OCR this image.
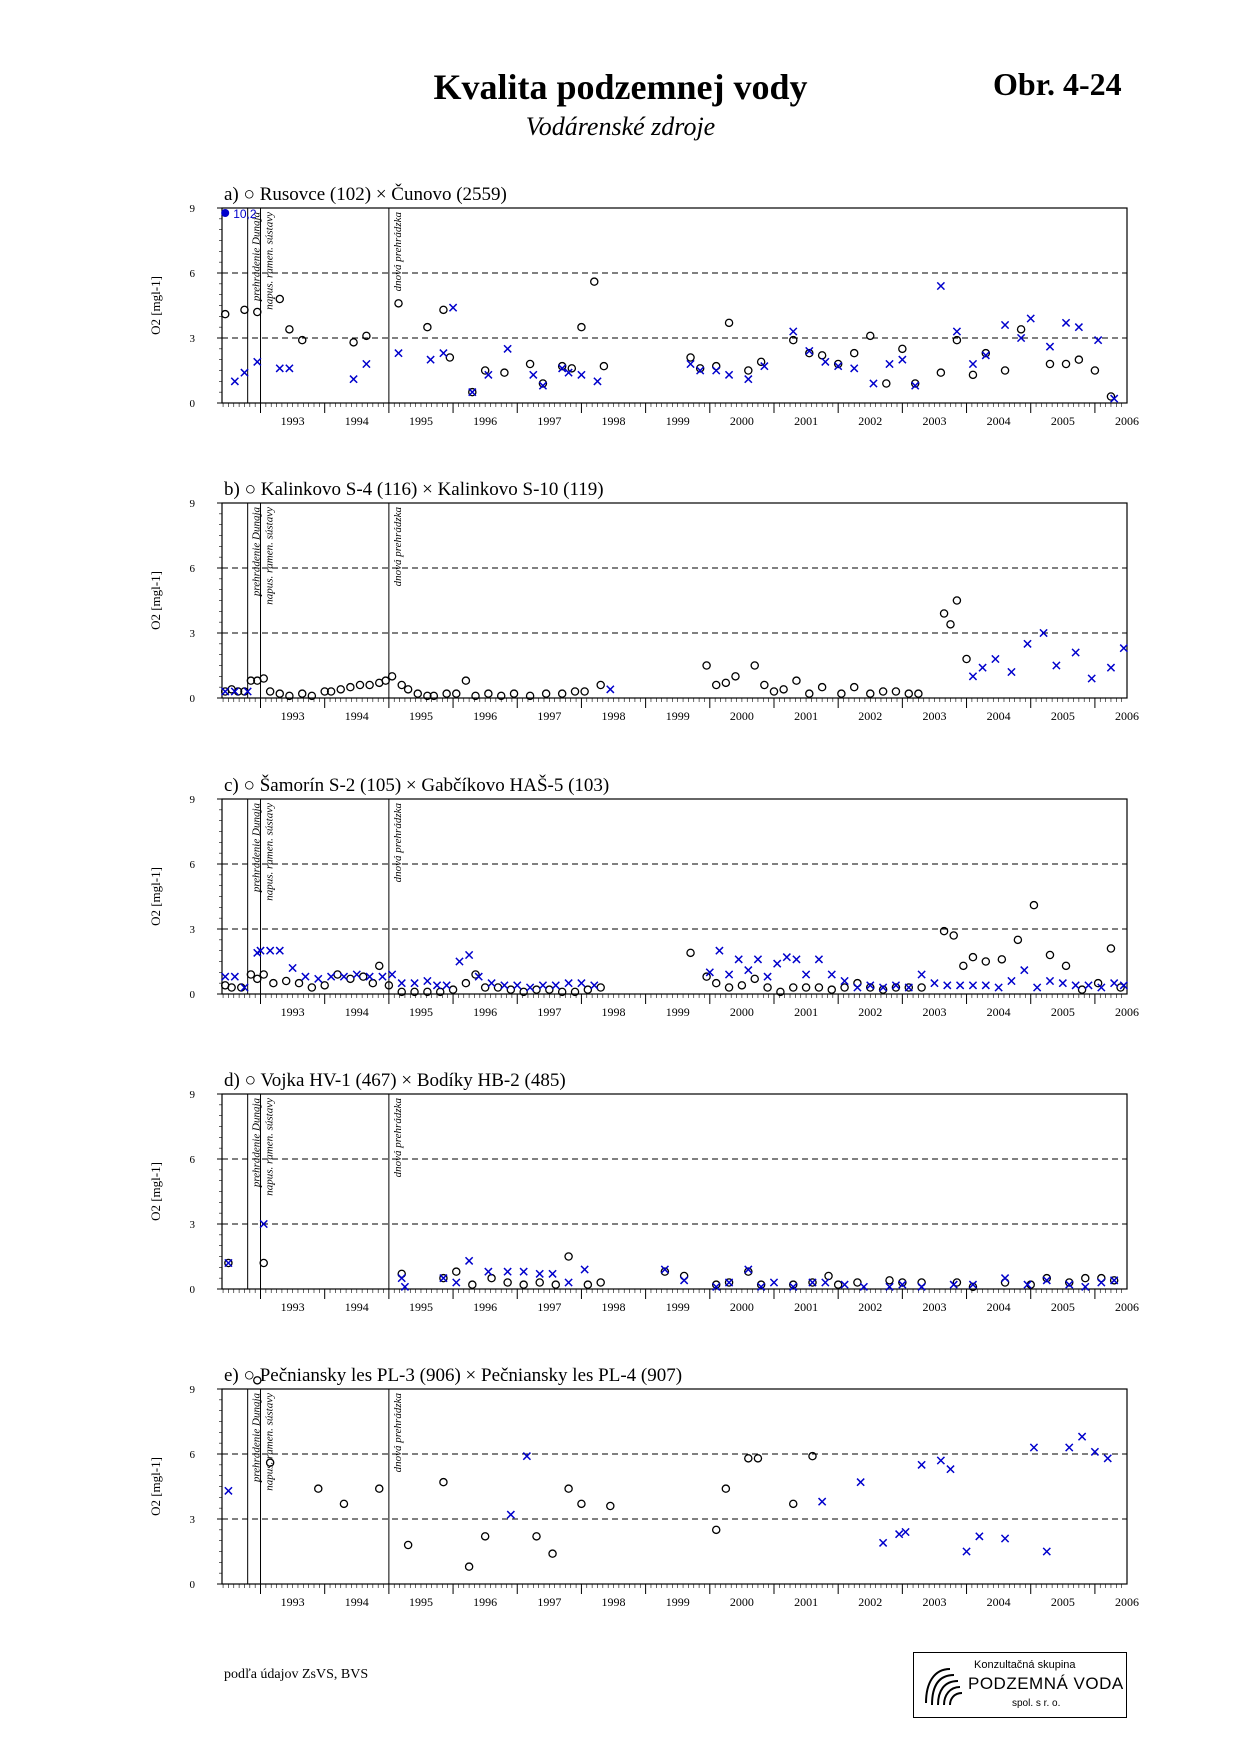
Kvalita podzemnej vody
Vodárenské zdroje
Obr. 4-24
a) ○ Rusovce (102) × Čunovo (2559)
0
3
6
9
O2 [mgl-1]
1993	1994	1995	1996	1997	1998	1999	2000	2001	2002	2003	2004	2005	2006
prehradenie Dunaja napus. ramen. sústavy	dnová prehrádzka
10,2
b) ○ Kalinkovo S-4 (116) × Kalinkovo S-10 (119)
0
3
6
9
O2 [mgl-1]
1993	1994	1995	1996	1997	1998	1999	2000	2001	2002	2003	2004	2005	2006
prehradenie Dunaja napus. ramen. sústavy	dnová prehrádzka
c) ○ Šamorín S-2 (105) × Gabčíkovo HAŠ-5 (103)
0
3
6
9
O2 [mgl-1]
1993	1994	1995	1996	1997	1998	1999	2000	2001	2002	2003	2004	2005	2006
prehradenie Dunaja napus. ramen. sústavy	dnová prehrádzka
d) ○ Vojka HV-1 (467) × Bodíky HB-2 (485)
0
3
6
9
O2 [mgl-1]
1993	1994	1995	1996	1997	1998	1999	2000	2001	2002	2003	2004	2005	2006
prehradenie Dunaja napus. ramen. sústavy	dnová prehrádzka
e) ○ Pečniansky les PL-3 (906) × Pečniansky les PL-4 (907)
0
3
6
9
O2 [mgl-1]
1993	1994	1995	1996	1997	1998	1999	2000	2001	2002	2003	2004	2005	2006
prehradenie Dunaja napus. ramen. sústavy	dnová prehrádzka
podľa údajov ZsVS, BVS
Konzultačná skupina
PODZEMNÁ VODA
spol. s r. o.
